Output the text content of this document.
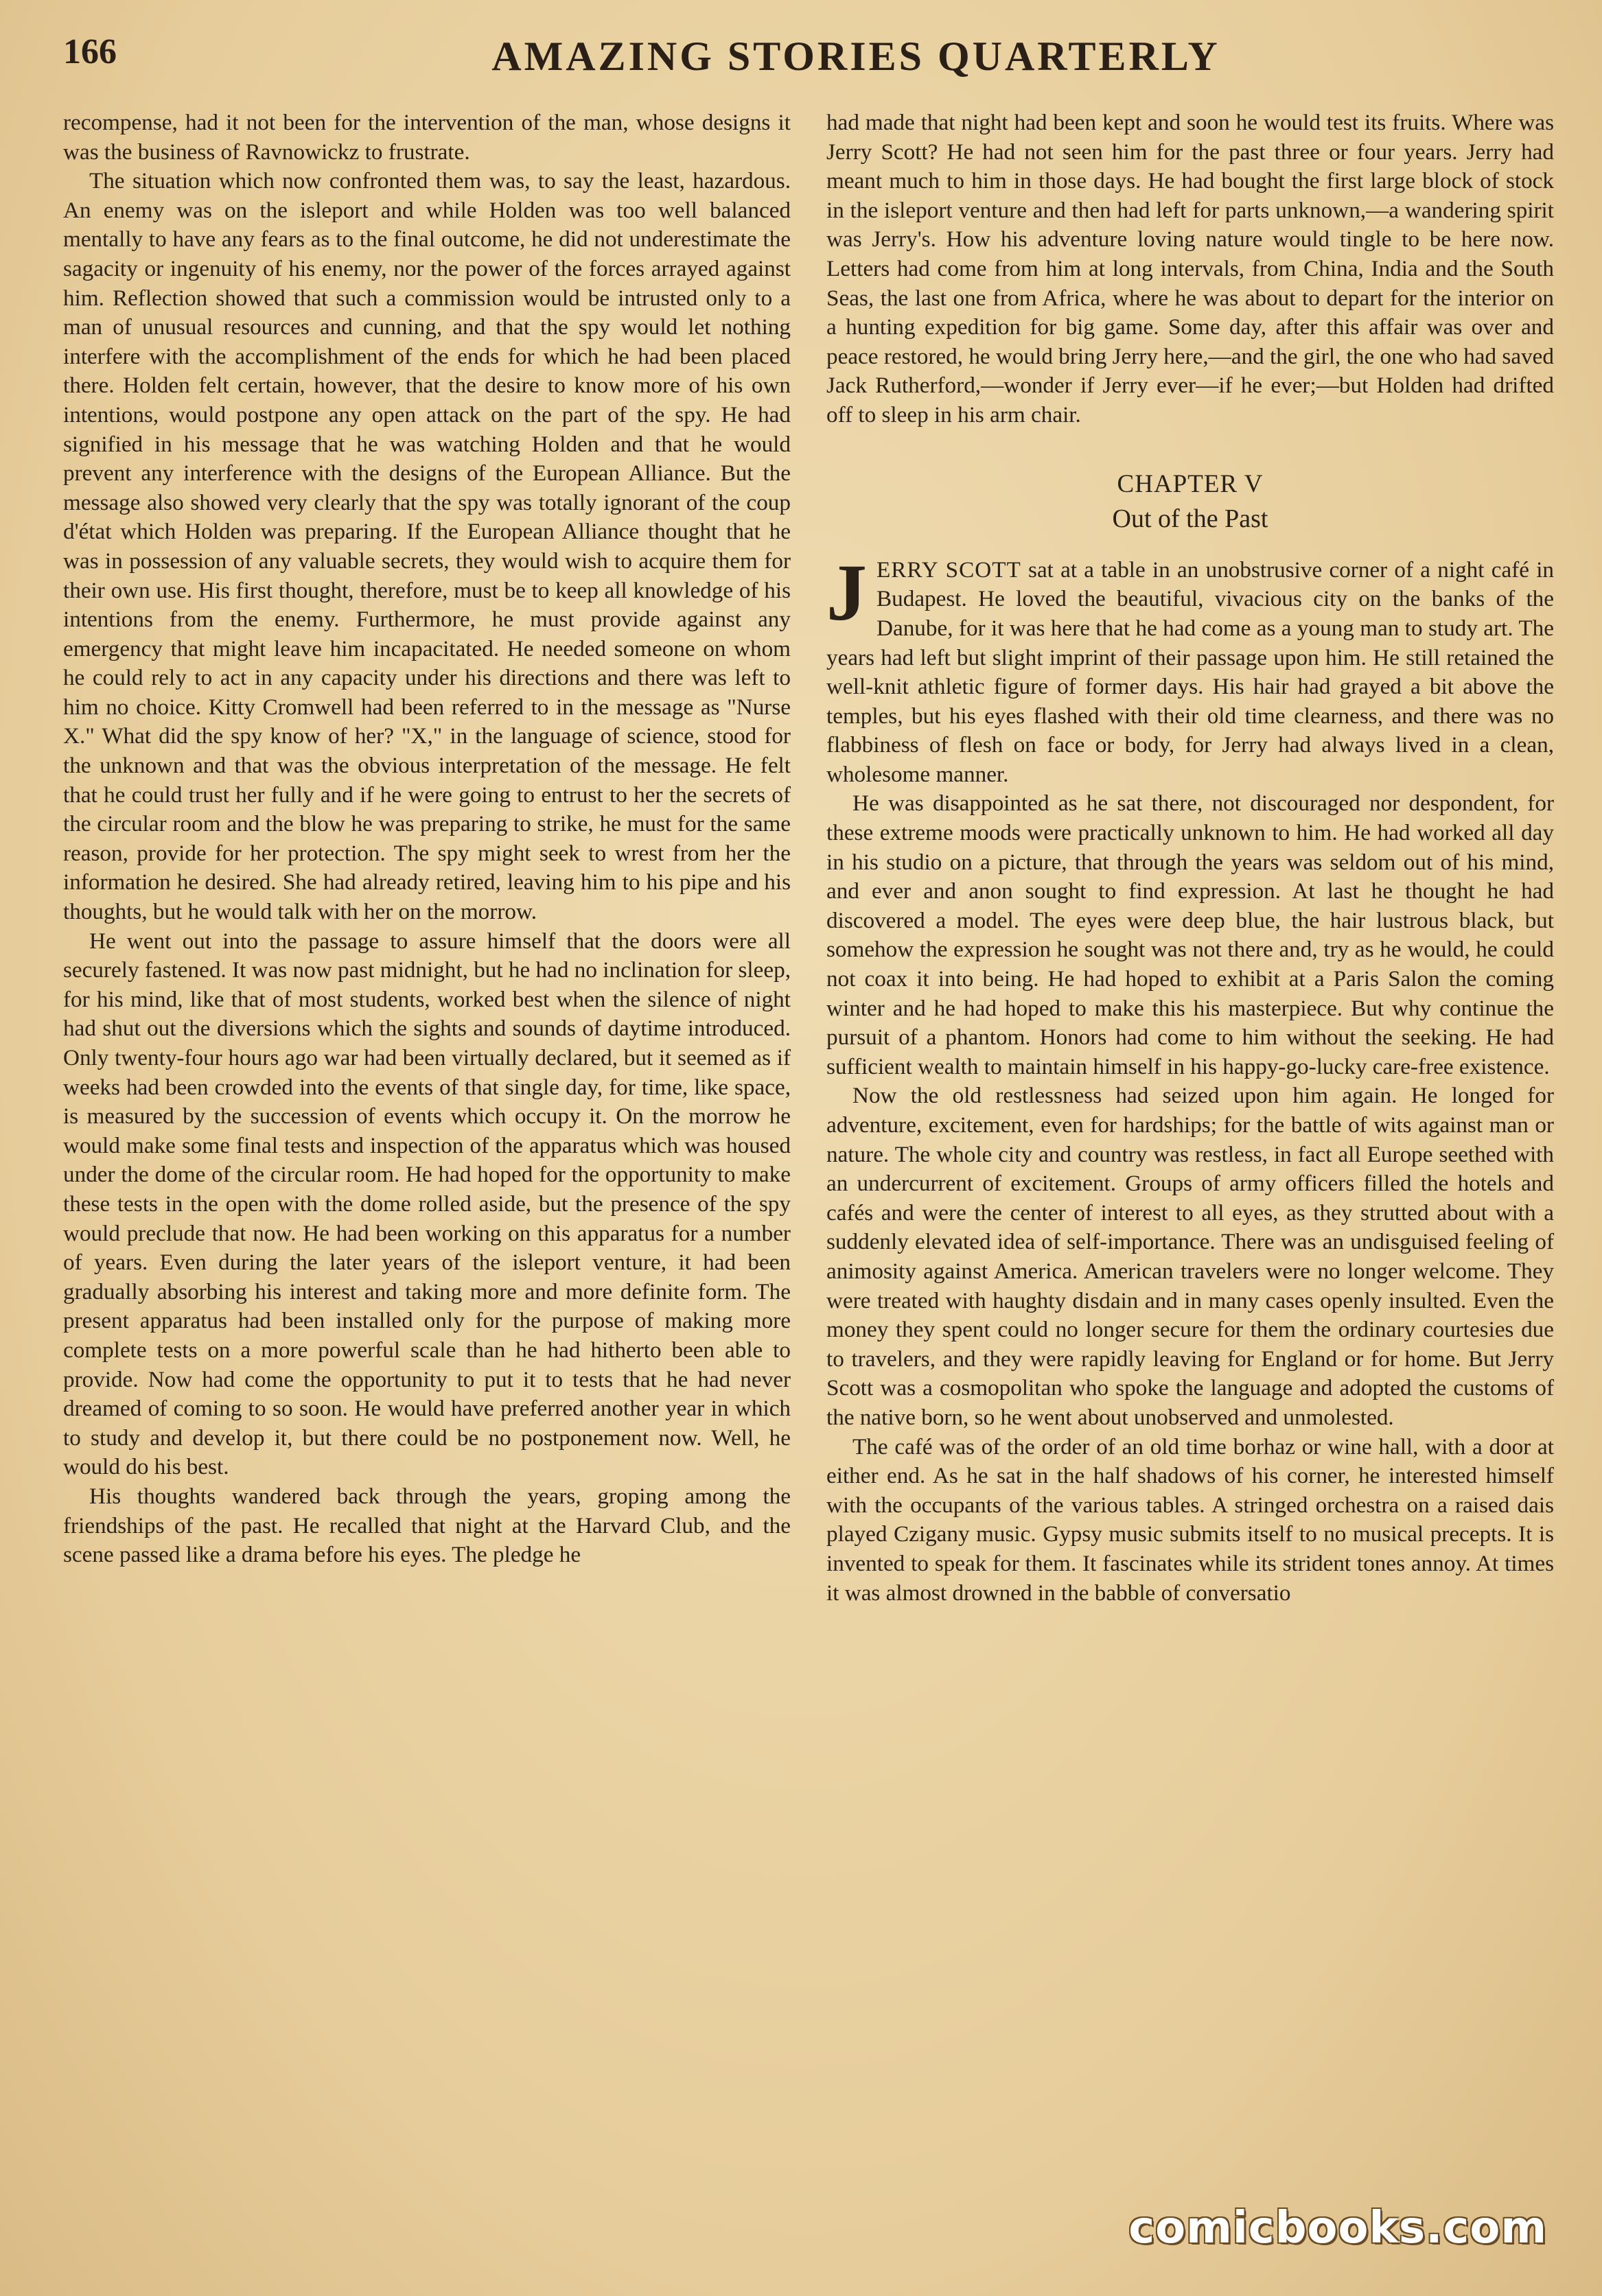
166	AMAZING STORIES QUARTERLY

recompense, had it not been for the intervention of the man, whose designs it was the business of Ravnowickz to frustrate.

The situation which now confronted them was, to say the least, hazardous. An enemy was on the isleport and while Holden was too well balanced mentally to have any fears as to the final outcome, he did not underestimate the sagacity or ingenuity of his enemy, nor the power of the forces arrayed against him. Reflection showed that such a commission would be intrusted only to a man of unusual resources and cunning, and that the spy would let nothing interfere with the accomplishment of the ends for which he had been placed there. Holden felt certain, however, that the desire to know more of his own intentions, would postpone any open attack on the part of the spy. He had signified in his message that he was watching Holden and that he would prevent any interference with the designs of the European Alliance. But the message also showed very clearly that the spy was totally ignorant of the coup d'état which Holden was preparing. If the European Alliance thought that he was in possession of any valuable secrets, they would wish to acquire them for their own use. His first thought, therefore, must be to keep all knowledge of his intentions from the enemy. Furthermore, he must provide against any emergency that might leave him incapacitated. He needed someone on whom he could rely to act in any capacity under his directions and there was left to him no choice. Kitty Cromwell had been referred to in the message as "Nurse X." What did the spy know of her? "X," in the language of science, stood for the unknown and that was the obvious interpretation of the message. He felt that he could trust her fully and if he were going to entrust to her the secrets of the circular room and the blow he was preparing to strike, he must for the same reason, provide for her protection. The spy might seek to wrest from her the information he desired. She had already retired, leaving him to his pipe and his thoughts, but he would talk with her on the morrow.

He went out into the passage to assure himself that the doors were all securely fastened. It was now past midnight, but he had no inclination for sleep, for his mind, like that of most students, worked best when the silence of night had shut out the diversions which the sights and sounds of daytime introduced. Only twenty-four hours ago war had been virtually declared, but it seemed as if weeks had been crowded into the events of that single day, for time, like space, is measured by the succession of events which occupy it. On the morrow he would make some final tests and inspection of the apparatus which was housed under the dome of the circular room. He had hoped for the opportunity to make these tests in the open with the dome rolled aside, but the presence of the spy would preclude that now. He had been working on this apparatus for a number of years. Even during the later years of the isleport venture, it had been gradually absorbing his interest and taking more and more definite form. The present apparatus had been installed only for the purpose of making more complete tests on a more powerful scale than he had hitherto been able to provide. Now had come the opportunity to put it to tests that he had never dreamed of coming to so soon. He would have preferred another year in which to study and develop it, but there could be no postponement now. Well, he would do his best.

His thoughts wandered back through the years, groping among the friendships of the past. He recalled that night at the Harvard Club, and the scene passed like a drama before his eyes. The pledge he

had made that night had been kept and soon he would test its fruits. Where was Jerry Scott? He had not seen him for the past three or four years. Jerry had meant much to him in those days. He had bought the first large block of stock in the isleport venture and then had left for parts unknown,—a wandering spirit was Jerry's. How his adventure loving nature would tingle to be here now. Letters had come from him at long intervals, from China, India and the South Seas, the last one from Africa, where he was about to depart for the interior on a hunting expedition for big game. Some day, after this affair was over and peace restored, he would bring Jerry here,—and the girl, the one who had saved Jack Rutherford,—wonder if Jerry ever—if he ever;—but Holden had drifted off to sleep in his arm chair.

CHAPTER V
Out of the Past

JERRY SCOTT sat at a table in an unobstrusive corner of a night café in Budapest. He loved the beautiful, vivacious city on the banks of the Danube, for it was here that he had come as a young man to study art. The years had left but slight imprint of their passage upon him. He still retained the well-knit athletic figure of former days. His hair had grayed a bit above the temples, but his eyes flashed with their old time clearness, and there was no flabbiness of flesh on face or body, for Jerry had always lived in a clean, wholesome manner.

He was disappointed as he sat there, not discouraged nor despondent, for these extreme moods were practically unknown to him. He had worked all day in his studio on a picture, that through the years was seldom out of his mind, and ever and anon sought to find expression. At last he thought he had discovered a model. The eyes were deep blue, the hair lustrous black, but somehow the expression he sought was not there and, try as he would, he could not coax it into being. He had hoped to exhibit at a Paris Salon the coming winter and he had hoped to make this his masterpiece. But why continue the pursuit of a phantom. Honors had come to him without the seeking. He had sufficient wealth to maintain himself in his happy-go-lucky care-free existence.

Now the old restlessness had seized upon him again. He longed for adventure, excitement, even for hardships; for the battle of wits against man or nature. The whole city and country was restless, in fact all Europe seethed with an undercurrent of excitement. Groups of army officers filled the hotels and cafés and were the center of interest to all eyes, as they strutted about with a suddenly elevated idea of self-importance. There was an undisguised feeling of animosity against America. American travelers were no longer welcome. They were treated with haughty disdain and in many cases openly insulted. Even the money they spent could no longer secure for them the ordinary courtesies due to travelers, and they were rapidly leaving for England or for home. But Jerry Scott was a cosmopolitan who spoke the language and adopted the customs of the native born, so he went about unobserved and unmolested.

The café was of the order of an old time borhaz or wine hall, with a door at either end. As he sat in the half shadows of his corner, he interested himself with the occupants of the various tables. A stringed orchestra on a raised dais played Czigany music. Gypsy music submits itself to no musical precepts. It is invented to speak for them. It fascinates while its strident tones annoy. At times it was almost drowned in the babble of conversatio

comicbooks.com
